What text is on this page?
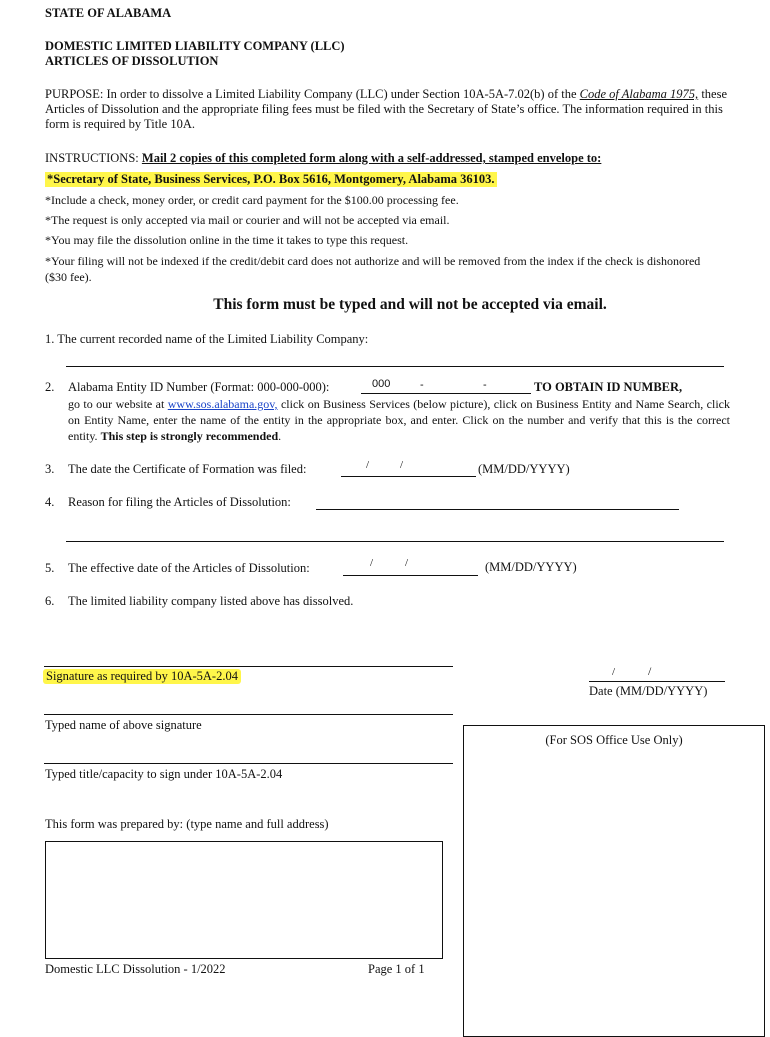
STATE OF ALABAMA
DOMESTIC LIMITED LIABILITY COMPANY (LLC)
ARTICLES OF DISSOLUTION
PURPOSE: In order to dissolve a Limited Liability Company (LLC) under Section 10A-5A-7.02(b) of the Code of Alabama 1975, these Articles of Dissolution and the appropriate filing fees must be filed with the Secretary of State’s office. The information required in this form is required by Title 10A.
INSTRUCTIONS: Mail 2 copies of this completed form along with a self-addressed, stamped envelope to:
*Secretary of State, Business Services, P.O. Box 5616, Montgomery, Alabama 36103.
*Include a check, money order, or credit card payment for the $100.00 processing fee.
*The request is only accepted via mail or courier and will not be accepted via email.
*You may file the dissolution online in the time it takes to type this request.
*Your filing will not be indexed if the credit/debit card does not authorize and will be removed from the index if the check is dishonored ($30 fee).
This form must be typed and will not be accepted via email.
1. The current recorded name of the Limited Liability Company:
2. Alabama Entity ID Number (Format: 000-000-000):	000	-	-	TO OBTAIN ID NUMBER,
go to our website at www.sos.alabama.gov, click on Business Services (below picture), click on Business Entity and Name Search, click on Entity Name, enter the name of the entity in the appropriate box, and enter. Click on the number and verify that this is the correct entity. This step is strongly recommended.
3. The date the Certificate of Formation was filed:	/	/	(MM/DD/YYYY)
4. Reason for filing the Articles of Dissolution:
5. The effective date of the Articles of Dissolution:	/	/	(MM/DD/YYYY)
6. The limited liability company listed above has dissolved.
Signature as required by 10A-5A-2.04	/	/
Date (MM/DD/YYYY)
Typed name of above signature
Typed title/capacity to sign under 10A-5A-2.04
This form was prepared by: (type name and full address)
(For SOS Office Use Only)
Domestic LLC Dissolution - 1/2022	Page 1 of 1
